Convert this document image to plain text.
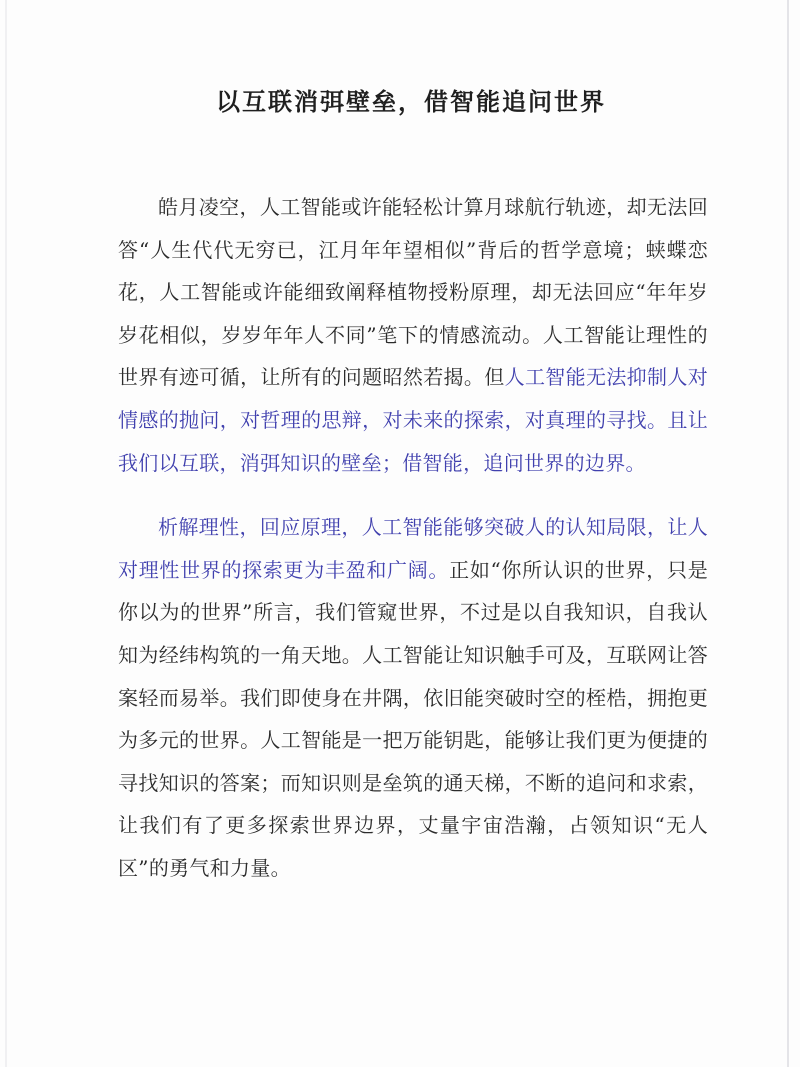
以互联消弭壁垒，借智能追问世界

皓月凌空，人工智能或许能轻松计算月球航行轨迹，却无法回答“人生代代无穷已，江月年年望相似”背后的哲学意境；蛱蝶恋花，人工智能或许能细致阐释植物授粉原理，却无法回应“年年岁岁花相似，岁岁年年人不同”笔下的情感流动。人工智能让理性的世界有迹可循，让所有的问题昭然若揭。但人工智能无法抑制人对情感的抛问，对哲理的思辩，对未来的探索，对真理的寻找。且让我们以互联，消弭知识的壁垒；借智能，追问世界的边界。

析解理性，回应原理，人工智能能够突破人的认知局限，让人对理性世界的探索更为丰盈和广阔。正如“你所认识的世界，只是你以为的世界”所言，我们管窥世界，不过是以自我知识，自我认知为经纬构筑的一角天地。人工智能让知识触手可及，互联网让答案轻而易举。我们即使身在井隅，依旧能突破时空的桎梏，拥抱更为多元的世界。人工智能是一把万能钥匙，能够让我们更为便捷的寻找知识的答案；而知识则是垒筑的通天梯，不断的追问和求索，让我们有了更多探索世界边界，丈量宇宙浩瀚，占领知识“无人区”的勇气和力量。
